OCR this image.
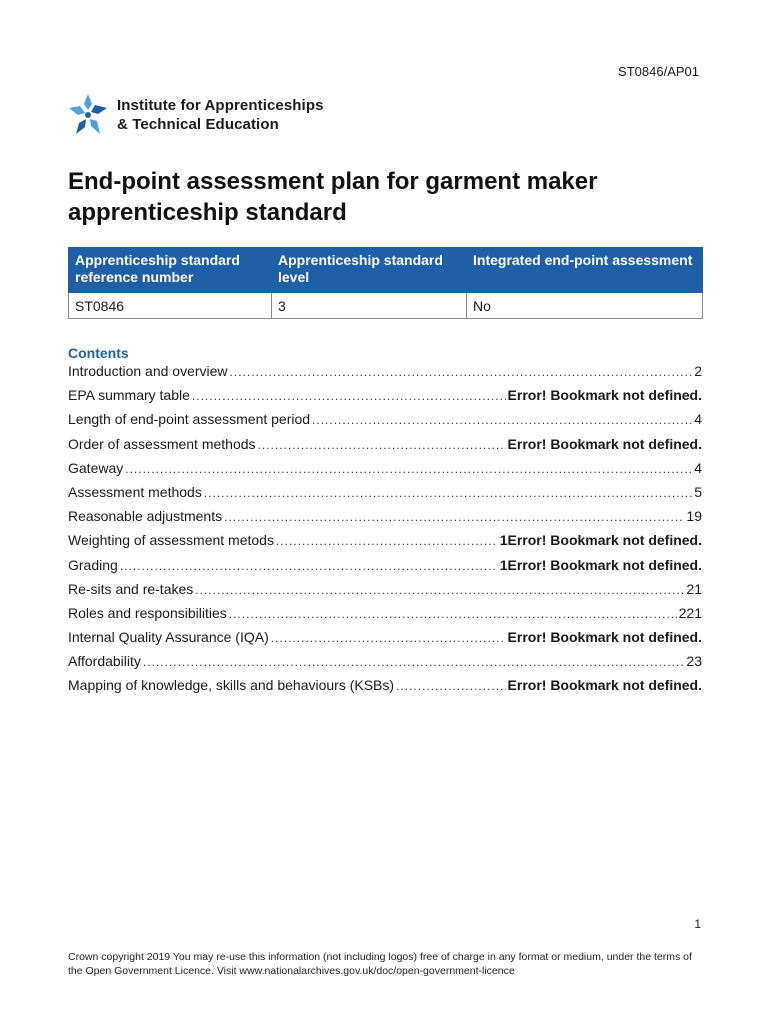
ST0846/AP01
Institute for Apprenticeships
& Technical Education
End-point assessment plan for garment maker apprenticeship standard
Apprenticeship standard reference number	Apprenticeship standard level	Integrated end-point assessment
ST0846	3	No
Contents
Introduction and overview .....	2
EPA summary table .....	Error! Bookmark not defined.
Length of end-point assessment period .....	4
Order of assessment methods .....	Error! Bookmark not defined.
Gateway .....	4
Assessment methods .....	5
Reasonable adjustments .....	19
Weighting of assessment metods .....	1Error! Bookmark not defined.
Grading .....	1Error! Bookmark not defined.
Re-sits and re-takes .....	21
Roles and responsibilities .....	221
Internal Quality Assurance (IQA) .....	Error! Bookmark not defined.
Affordability .....	23
Mapping of knowledge, skills and behaviours (KSBs) .....	Error! Bookmark not defined.
1
Crown copyright 2019 You may re-use this information (not including logos) free of charge in any format or medium, under the terms of the Open Government Licence. Visit www.nationalarchives.gov.uk/doc/open-government-licence
